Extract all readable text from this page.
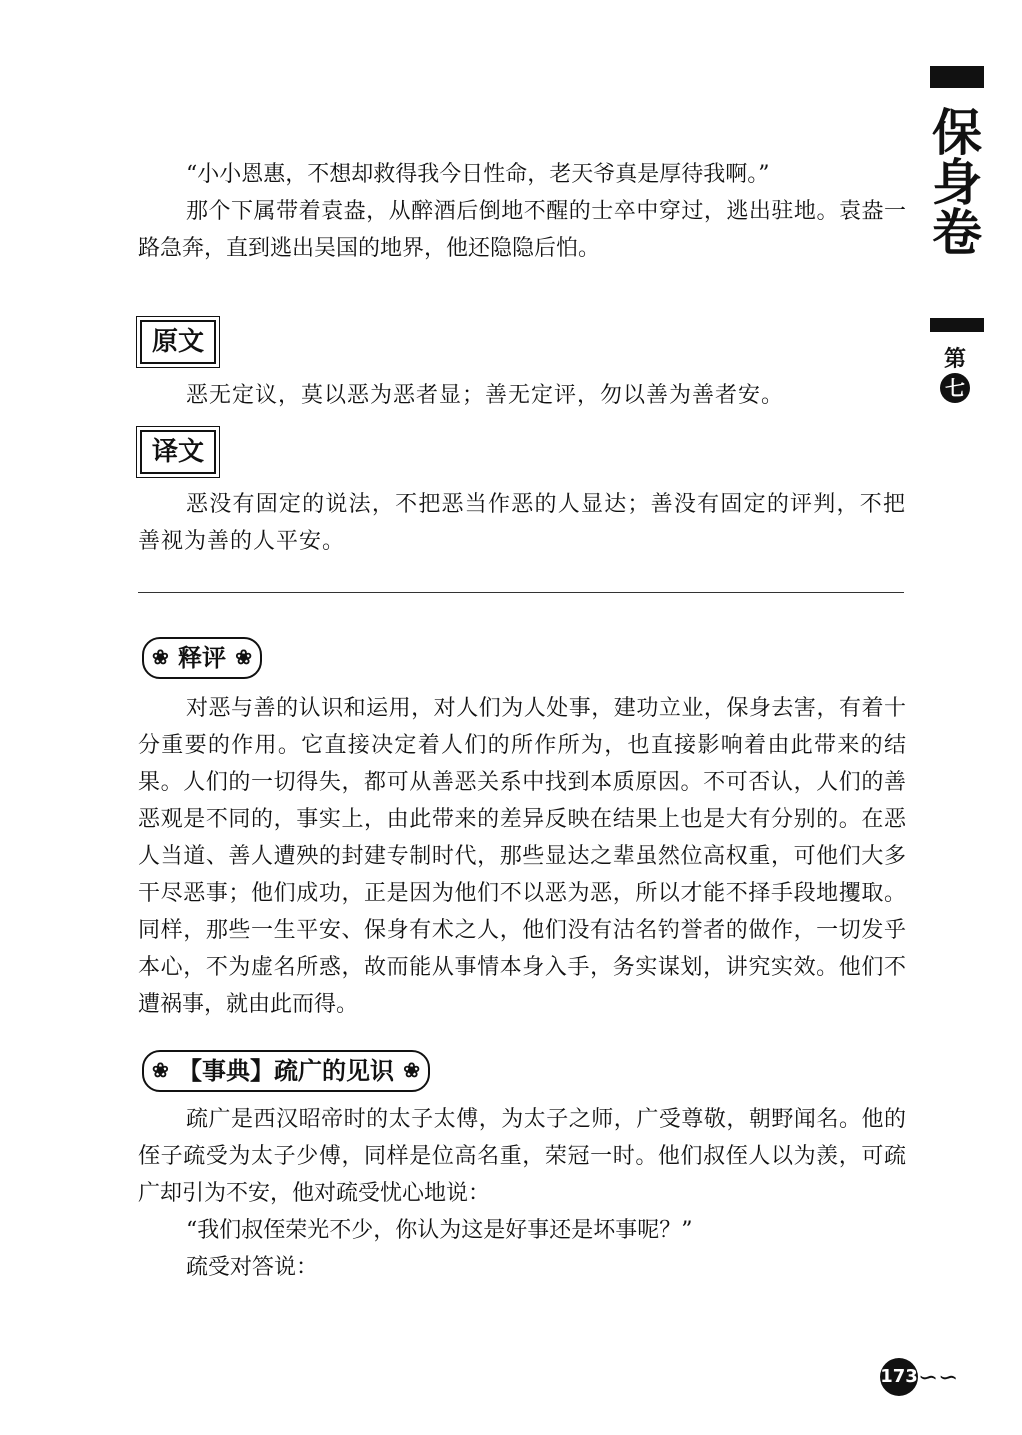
保身卷
第
七

“小小恩惠，不想却救得我今日性命，老天爷真是厚待我啊。”

那个下属带着袁盎，从醉酒后倒地不醒的士卒中穿过，逃出驻地。袁盎一路急奔，直到逃出吴国的地界，他还隐隐后怕。

原文

恶无定议，莫以恶为恶者显；善无定评，勿以善为善者安。

译文

恶没有固定的说法，不把恶当作恶的人显达；善没有固定的评判，不把善视为善的人平安。

❀ 释评 ❀

对恶与善的认识和运用，对人们为人处事，建功立业，保身去害，有着十分重要的作用。它直接决定着人们的所作所为，也直接影响着由此带来的结果。人们的一切得失，都可从善恶关系中找到本质原因。不可否认，人们的善恶观是不同的，事实上，由此带来的差异反映在结果上也是大有分别的。在恶人当道、善人遭殃的封建专制时代，那些显达之辈虽然位高权重，可他们大多干尽恶事；他们成功，正是因为他们不以恶为恶，所以才能不择手段地攫取。同样，那些一生平安、保身有术之人，他们没有沽名钓誉者的做作，一切发乎本心，不为虚名所惑，故而能从事情本身入手，务实谋划，讲究实效。他们不遭祸事，就由此而得。

❀ 【事典】疏广的见识 ❀

疏广是西汉昭帝时的太子太傅，为太子之师，广受尊敬，朝野闻名。他的侄子疏受为太子少傅，同样是位高名重，荣冠一时。他们叔侄人以为羡，可疏广却引为不安，他对疏受忧心地说：

“我们叔侄荣光不少，你认为这是好事还是坏事呢？”

疏受对答说：

173 ∽∽
